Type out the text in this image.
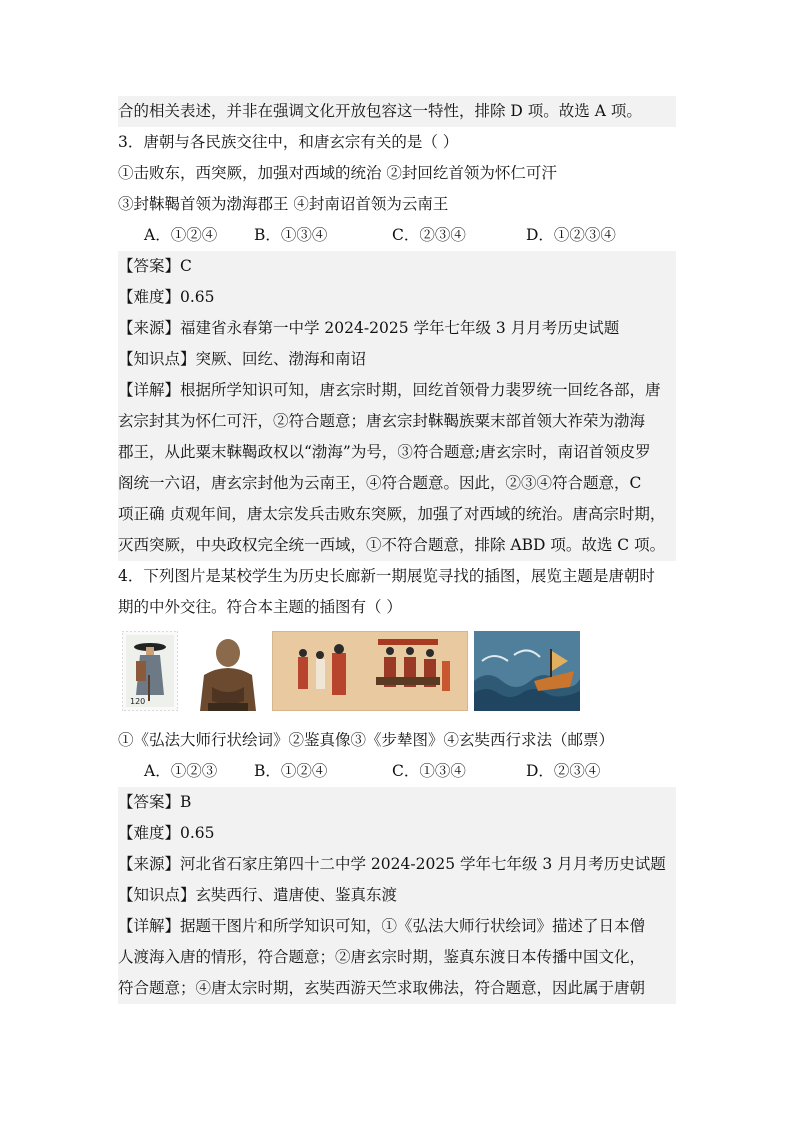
合的相关表述，并非在强调文化开放包容这一特性，排除 D 项。故选 A 项。
3．唐朝与各民族交往中，和唐玄宗有关的是（ ）
①击败东，西突厥，加强对西域的统治 ②封回纥首领为怀仁可汗
③封靺鞨首领为渤海郡王 ④封南诏首领为云南王
A．①②④ B．①③④	C．②③④	D．①②③④
【答案】C
【难度】0.65
【来源】福建省永春第一中学 2024-2025 学年七年级 3 月月考历史试题
【知识点】突厥、回纥、渤海和南诏
【详解】根据所学知识可知，唐玄宗时期，回纥首领骨力裴罗统一回纥各部，唐
玄宗封其为怀仁可汗，②符合题意；唐玄宗封靺鞨族粟末部首领大祚荣为渤海
郡王，从此粟末靺鞨政权以“渤海”为号，③符合题意;唐玄宗时，南诏首领皮罗
阁统一六诏，唐玄宗封他为云南王，④符合题意。因此，②③④符合题意，C
项正确 贞观年间，唐太宗发兵击败东突厥，加强了对西域的统治。唐高宗时期，
灭西突厥，中央政权完全统一西域，①不符合题意，排除 ABD 项。故选 C 项。
4．下列图片是某校学生为历史长廊新一期展览寻找的插图，展览主题是唐朝时
期的中外交往。符合本主题的插图有（ ）
120
①《弘法大师行状绘词》②鉴真像③《步辇图》④玄奘西行求法（邮票）
A．①②③ B．①②④	C．①③④	D．②③④
【答案】B
【难度】0.65
【来源】河北省石家庄第四十二中学 2024-2025 学年七年级 3 月月考历史试题
【知识点】玄奘西行、遣唐使、鉴真东渡
【详解】据题干图片和所学知识可知，①《弘法大师行状绘词》描述了日本僧
人渡海入唐的情形，符合题意；②唐玄宗时期，鉴真东渡日本传播中国文化，
符合题意；④唐太宗时期，玄奘西游天竺求取佛法，符合题意，因此属于唐朝
